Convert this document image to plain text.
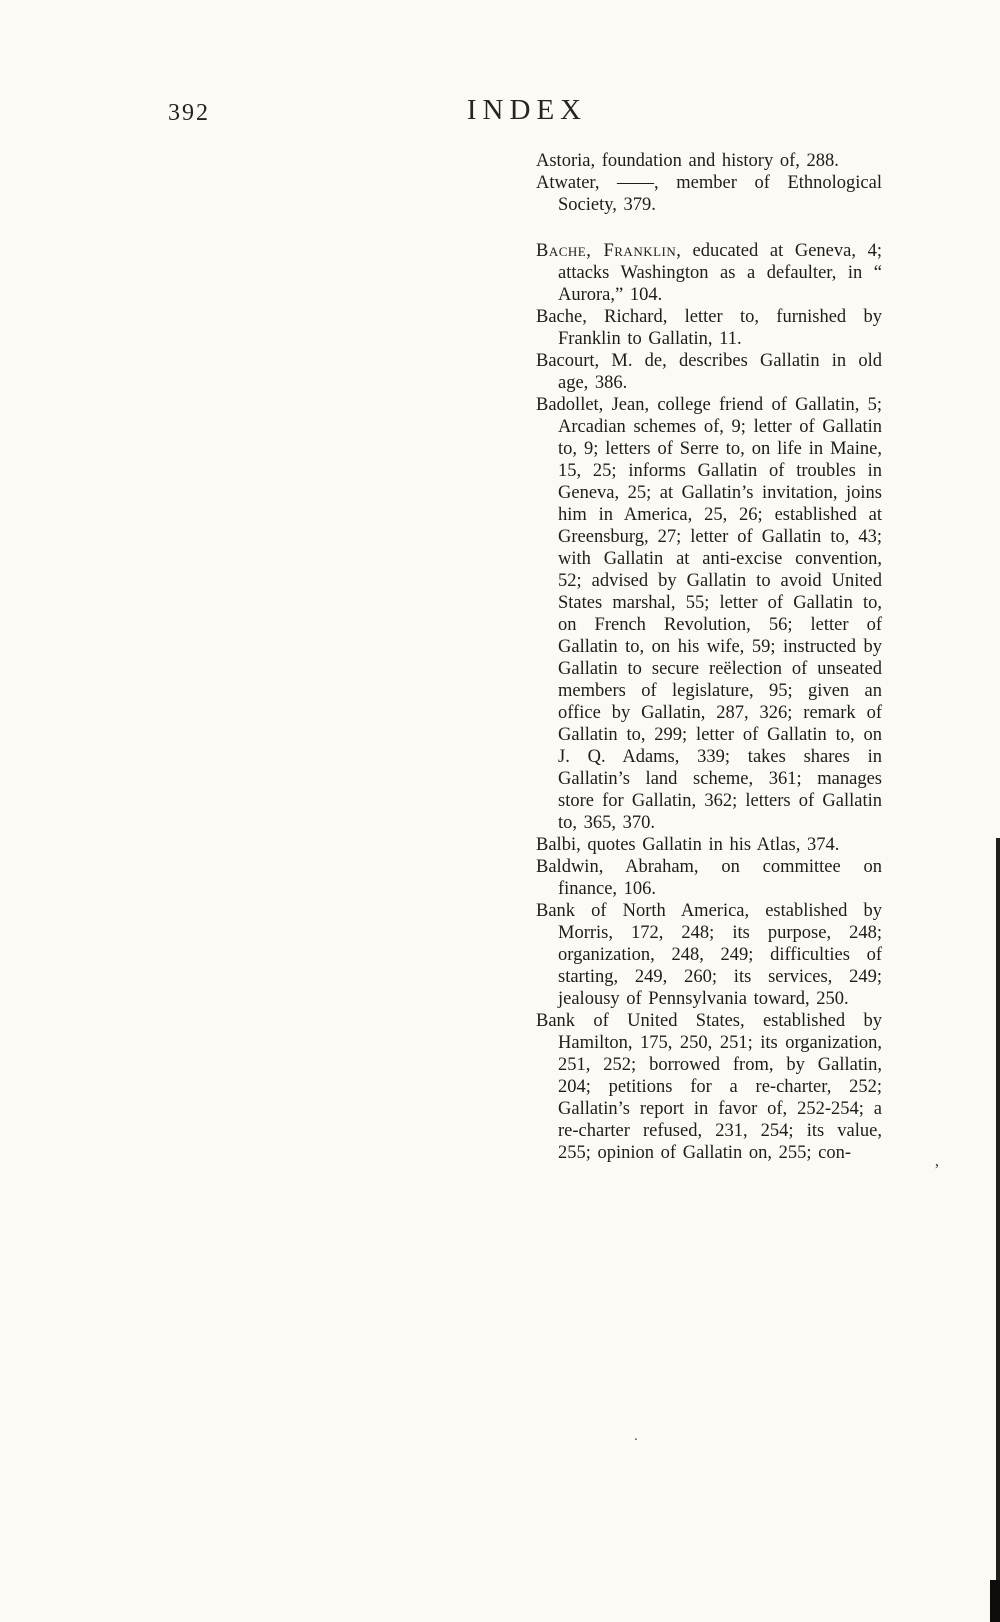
392	INDEX

Astoria, foundation and history of, 288.

Atwater, ——, member of Ethnological Society, 379.

Bache, Franklin, educated at Geneva, 4; attacks Washington as a defaulter, in “ Aurora,” 104.

Bache, Richard, letter to, furnished by Franklin to Gallatin, 11.

Bacourt, M. de, describes Gallatin in old age, 386.

Badollet, Jean, college friend of Gallatin, 5; Arcadian schemes of, 9; letter of Gallatin to, 9; letters of Serre to, on life in Maine, 15, 25; informs Gallatin of troubles in Geneva, 25; at Gallatin’s invitation, joins him in America, 25, 26; established at Greensburg, 27; letter of Gallatin to, 43; with Gallatin at anti-excise convention, 52; advised by Gallatin to avoid United States marshal, 55; letter of Gallatin to, on French Revolution, 56; letter of Gallatin to, on his wife, 59; instructed by Gallatin to secure reëlection of unseated members of legislature, 95; given an office by Gallatin, 287, 326; remark of Gallatin to, 299; letter of Gallatin to, on J. Q. Adams, 339; takes shares in Gallatin’s land scheme, 361; manages store for Gallatin, 362; letters of Gallatin to, 365, 370.

Balbi, quotes Gallatin in his Atlas, 374.

Baldwin, Abraham, on committee on finance, 106.

Bank of North America, established by Morris, 172, 248; its purpose, 248; organization, 248, 249; difficulties of starting, 249, 260; its services, 249; jealousy of Pennsylvania toward, 250.

Bank of United States, established by Hamilton, 175, 250, 251; its organization, 251, 252; borrowed from, by Gallatin, 204; petitions for a re-charter, 252; Gallatin’s report in favor of, 252-254; a re-charter refused, 231, 254; its value, 255; opinion of Gallatin on, 255; con-

’
.
